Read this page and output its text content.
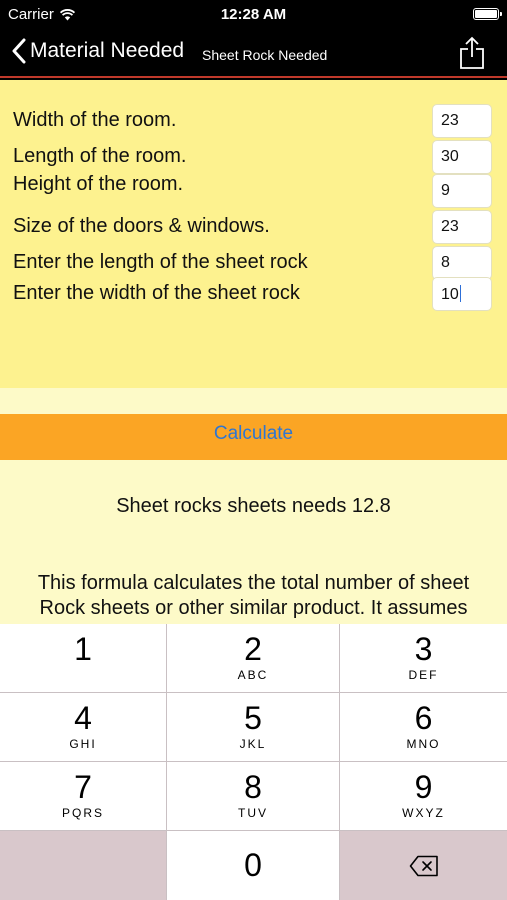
Carrier	12:28 AM
Material Needed Sheet Rock Needed
Width of the room.	23
Length of the room.	30
Height of the room.	9
Size of the doors & windows.	23
Enter the length of the sheet rock	8
Enter the width of the sheet rock	10
Calculate
Sheet rocks sheets needs 12.8
This formula calculates the total number of sheet Rock sheets or other similar product. It assumes
1	2
ABC
3
DEF
4
GHI
5
JKL
6
MNO
7
PQRS
8
TUV
9
WXYZ
0
